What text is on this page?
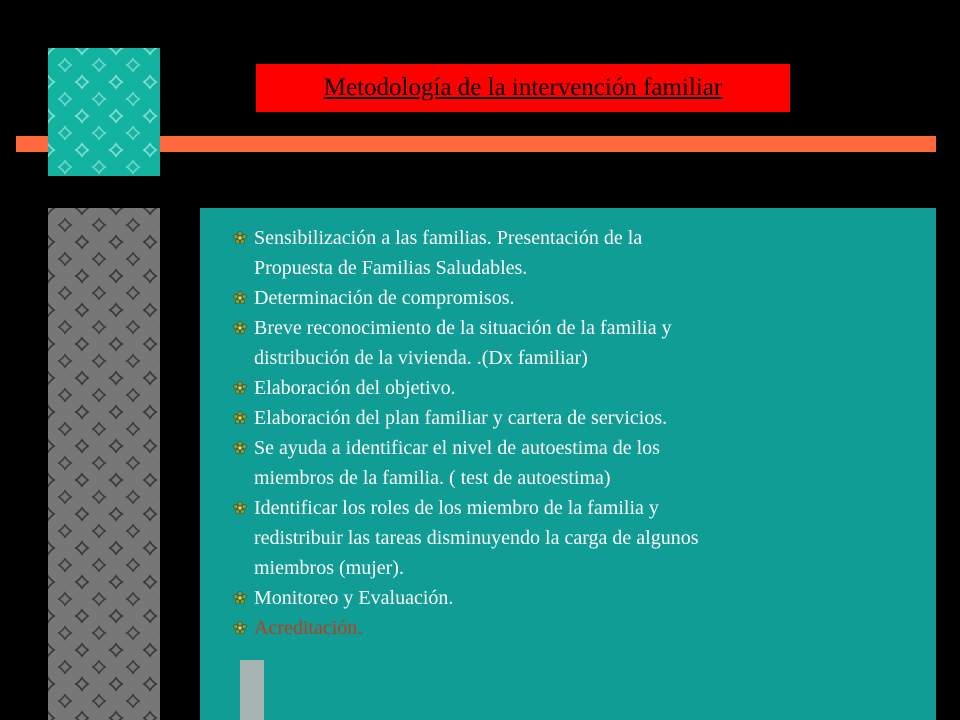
Metodología de la intervención familiar
Sensibilización a las familias. Presentación de la
Propuesta de Familias Saludables.
Determinación de compromisos.
Breve reconocimiento de la situación de la familia y
distribución de la vivienda. .(Dx familiar)
Elaboración del objetivo.
Elaboración del plan familiar y cartera de servicios.
Se ayuda a identificar el nivel de autoestima de los
miembros de la familia. ( test de autoestima)
Identificar los roles de los miembro de la familia y
redistribuir las tareas disminuyendo la carga de algunos
miembros (mujer).
Monitoreo y Evaluación.
Acreditación.
